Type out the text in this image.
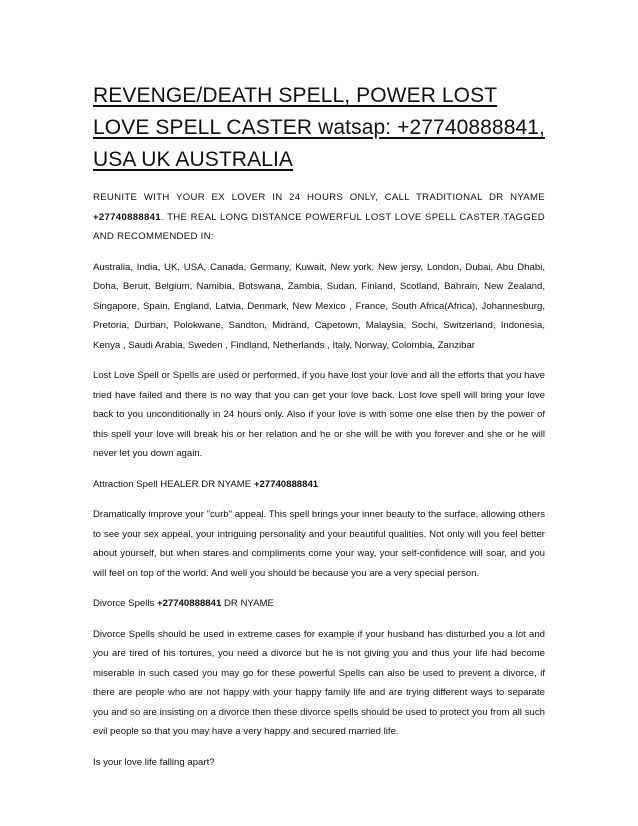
REVENGE/DEATH SPELL, POWER LOST LOVE SPELL CASTER watsap: +27740888841, USA UK AUSTRALIA

REUNITE WITH YOUR EX LOVER IN 24 HOURS ONLY, CALL TRADITIONAL DR NYAME +27740888841. THE REAL LONG DISTANCE POWERFUL LOST LOVE SPELL CASTER TAGGED AND RECOMMENDED IN:

Australia, India, UK, USA, Canada, Germany, Kuwait, New york, New jersy, London, Dubai, Abu Dhabi, Doha, Beruit, Belgium, Namibia, Botswana, Zambia, Sudan, Finland, Scotland, Bahrain, New Zealand, Singapore, Spain, England, Latvia, Denmark, New Mexico , France, South Africa(Africa), Johannesburg, Pretoria, Durban, Polokwane, Sandton, Midrand, Capetown, Malaysia, Sochi, Switzerland, Indonesia, Kenya , Saudi Arabia, Sweden , Findland, Netherlands , Italy, Norway, Colombia, Zanzibar

Lost Love Spell or Spells are used or performed, if you have lost your love and all the efforts that you have tried have failed and there is no way that you can get your love back. Lost love spell will bring your love back to you unconditionally in 24 hours only. Also if your love is with some one else then by the power of this spell your love will break his or her relation and he or she will be with you forever and she or he will never let you down again.

Attraction Spell HEALER DR NYAME +27740888841

Dramatically improve your "curb" appeal. This spell brings your inner beauty to the surface, allowing others to see your sex appeal, your intriguing personality and your beautiful qualities. Not only will you feel better about yourself, but when stares and compliments come your way, your self-confidence will soar, and you will feel on top of the world. And well you should be because you are a very special person.

Divorce Spells +27740888841 DR NYAME

Divorce Spells should be used in extreme cases for example if your husband has disturbed you a lot and you are tired of his tortures, you need a divorce but he is not giving you and thus your life had become miserable in such cased you may go for these powerful Spells can also be used to prevent a divorce, if there are people who are not happy with your happy family life and are trying different ways to separate you and so are insisting on a divorce then these divorce spells should be used to protect you from all such evil people so that you may have a very happy and secured married life.

Is your love life falling apart?
